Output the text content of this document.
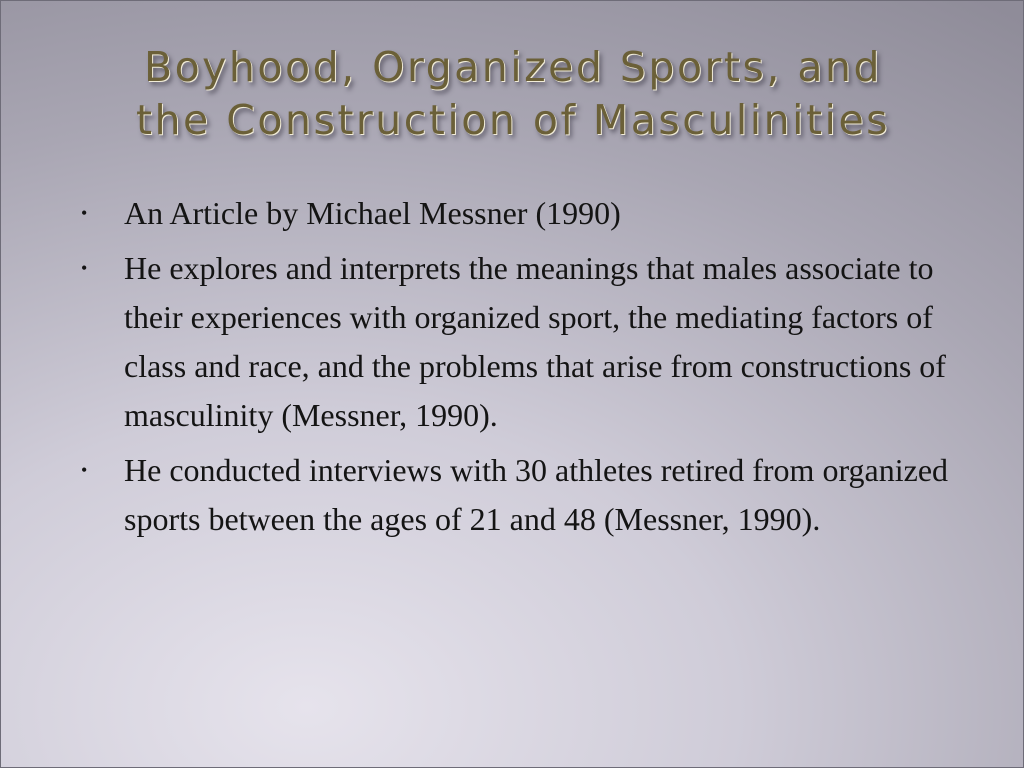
Boyhood, Organized Sports, and
the Construction of Masculinities
• An Article by Michael Messner (1990)
• He explores and interprets the meanings that males associate to their experiences with organized sport, the mediating factors of class and race, and the problems that arise from constructions of masculinity (Messner, 1990).
• He conducted interviews with 30 athletes retired from organized sports between the ages of 21 and 48 (Messner, 1990).
